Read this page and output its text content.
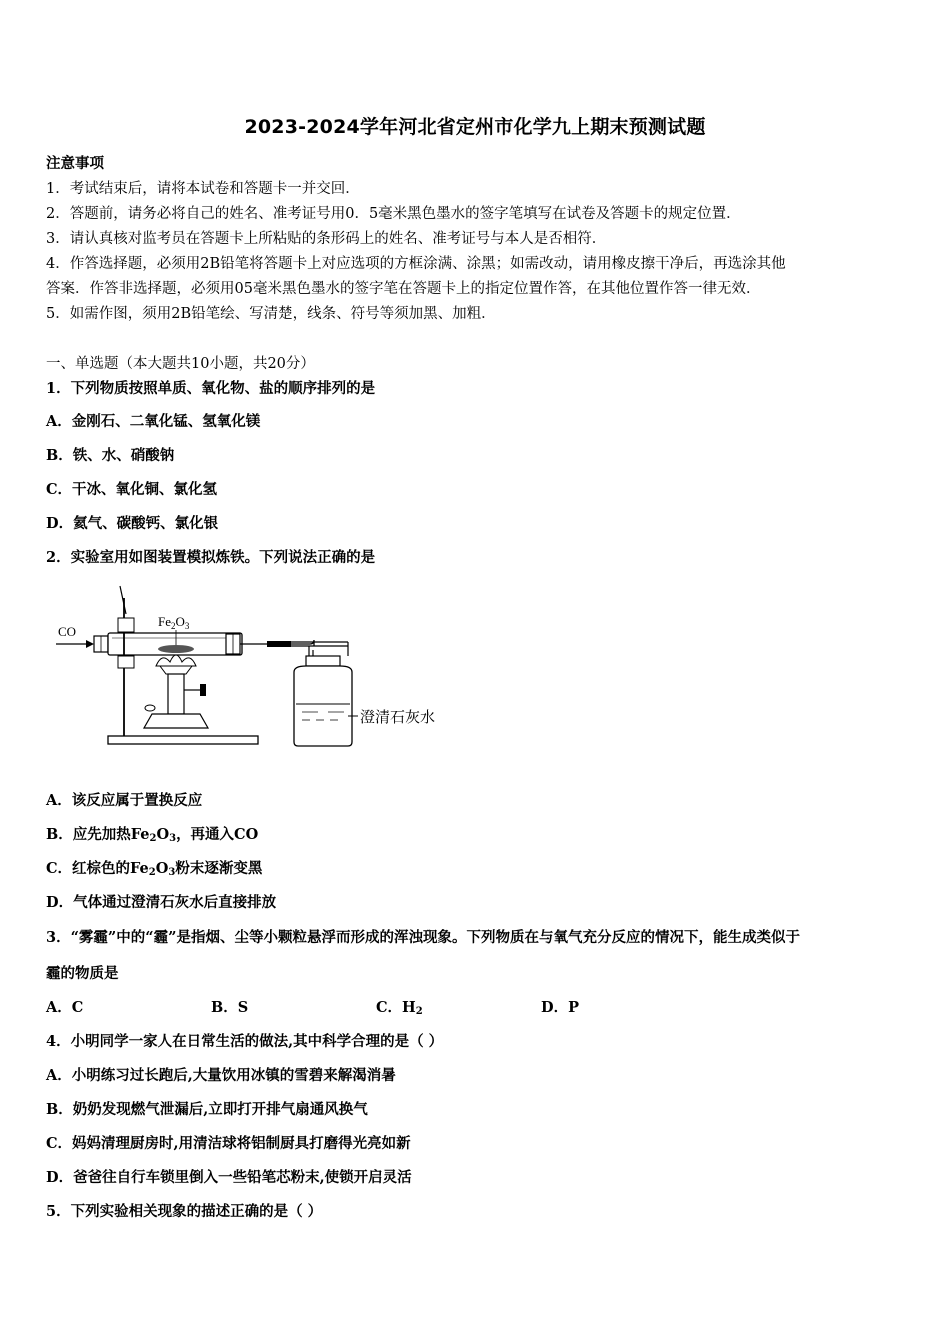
2023-2024学年河北省定州市化学九上期末预测试题
注意事项
1．考试结束后，请将本试卷和答题卡一并交回．
2．答题前，请务必将自己的姓名、准考证号用0．5毫米黑色墨水的签字笔填写在试卷及答题卡的规定位置．
3．请认真核对监考员在答题卡上所粘贴的条形码上的姓名、准考证号与本人是否相符．
4．作答选择题，必须用2B铅笔将答题卡上对应选项的方框涂满、涂黑；如需改动，请用橡皮擦干净后，再选涂其他
答案．作答非选择题，必须用05毫米黑色墨水的签字笔在答题卡上的指定位置作答，在其他位置作答一律无效．
5．如需作图，须用2B铅笔绘、写清楚，线条、符号等须加黑、加粗．
一、单选题（本大题共10小题，共20分）
1．下列物质按照单质、氧化物、盐的顺序排列的是
A．金刚石、二氧化锰、氢氧化镁
B．铁、水、硝酸钠
C．干冰、氧化铜、氯化氢
D．氦气、碳酸钙、氯化银
2．实验室用如图装置模拟炼铁。下列说法正确的是
CO
$Fe_2O_3$
澄清石灰水
A．该反应属于置换反应
B．应先加热$Fe_2O_3$，再通入CO
C．红棕色的$Fe_2O_3$粉末逐渐变黑
D．气体通过澄清石灰水后直接排放
3．“雾霾”中的“霾”是指烟、尘等小颗粒悬浮而形成的浑浊现象。下列物质在与氧气充分反应的情况下，能生成类似于
霾的物质是
A．C	B．S	C．$H_2$	D．P
4．小明同学一家人在日常生活的做法,其中科学合理的是（ ）
A．小明练习过长跑后,大量饮用冰镇的雪碧来解渴消暑
B．奶奶发现燃气泄漏后,立即打开排气扇通风换气
C．妈妈清理厨房时,用清洁球将铝制厨具打磨得光亮如新
D．爸爸往自行车锁里倒入一些铅笔芯粉末,使锁开启灵活
5．下列实验相关现象的描述正确的是（ ）
